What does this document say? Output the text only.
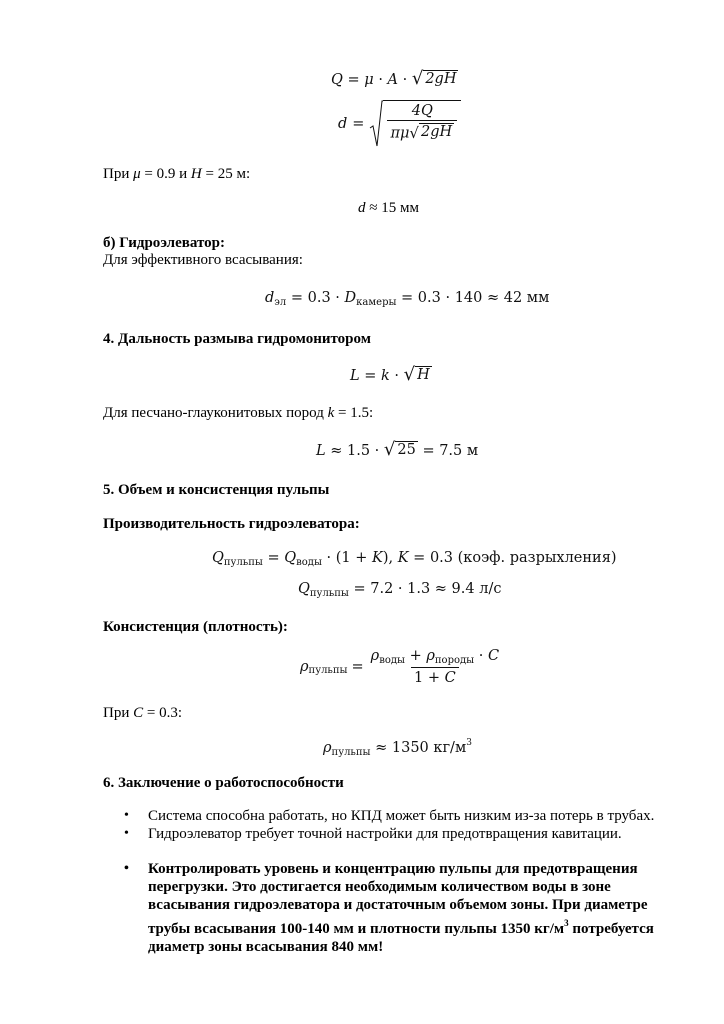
Q = μ · A · √ 2gH
$d = \frac{4Q}{\pi\mu √ 2gH}$
При μ = 0.9 и H = 25 м:
d ≈ 15 мм
б) Гидроэлеватор:
Для эффективного всасывания:
$d_{эл} = 0.3 \cdot D_{камеры} = 0.3 \cdot 140 \approx 42$ мм
4. Дальность размыва гидромонитором
L = k · √ H
Для песчано-глауконитовых пород k = 1.5:
L ≈ 1.5 · √ 25 = 7.5 м
5. Объем и консистенция пульпы
Производительность гидроэлеватора:
$Q_{пульпы} = Q_{воды} \cdot (1 + K)$, K = 0.3 (коэф. разрыхления)
$Q_{пульпы} = 7.2 \cdot 1.3 \approx 9.4$ л/с
Консистенция (плотность):
ρ пульпы = $\frac{\rho_{воды} + \rho_{породы} \cdot C}{1 + C}$
При C = 0.3:
$\rho_{пульпы} \approx 1350$ $кг/м^3$
6. Заключение о работоспособности
• Система способна работать, но КПД может быть низким из-за потерь в трубах.
• Гидроэлеватор требует точной настройки для предотвращения кавитации.
• Контролировать уровень и концентрацию пульпы для предотвращения
перегрузки. Это достигается необходимым количеством воды в зоне
всасывания гидроэлеватора и достаточным объемом зоны. При диаметре
трубы всасывания 100-140 мм и плотности пульпы 1350 $кг/м^3$ потребуется
диаметр зоны всасывания 840 мм!
